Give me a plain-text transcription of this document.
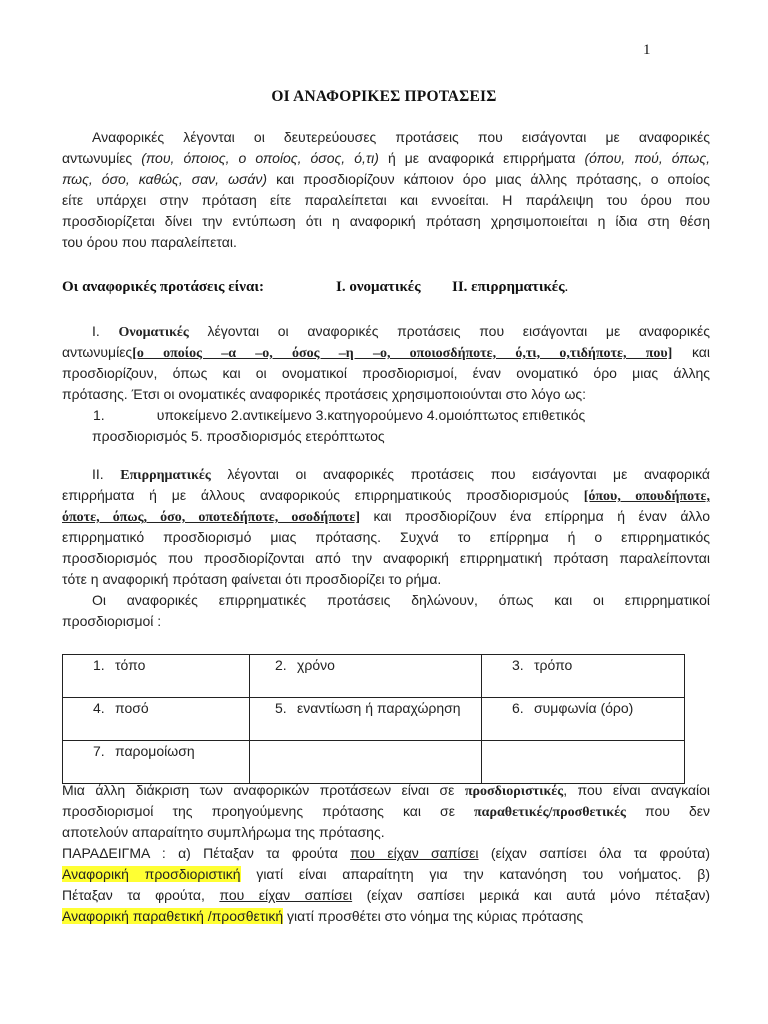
1
ΟΙ ΑΝΑΦΟΡΙΚΕΣ ΠΡΟΤΑΣΕΙΣ
Αναφορικές λέγονται οι δευτερεύουσες προτάσεις που εισάγονται με αναφορικές
αντωνυμίες (που, όποιος, ο οποίος, όσος, ό,τι) ή με αναφορικά επιρρήματα (όπου, πού, όπως,
πως, όσο, καθώς, σαν, ωσάν) και προσδιορίζουν κάποιον όρο μιας άλλης πρότασης, ο οποίος
είτε υπάρχει στην πρόταση είτε παραλείπεται και εννοείται. Η παράλειψη του όρου που
προσδιορίζεται δίνει την εντύπωση ότι η αναφορική πρόταση χρησιμοποιείται η ίδια στη θέση
του όρου που παραλείπεται.
Οι αναφορικές προτάσεις είναι:	Ι. ονοματικές ΙΙ. επιρρηματικές.
Ι. Ονοματικές λέγονται οι αναφορικές προτάσεις που εισάγονται με αναφορικές
αντωνυμίες[ο οποίος –α –ο, όσος –η –ο, οποιοσδήποτε, ό,τι, ο,τιδήποτε, που] και
προσδιορίζουν, όπως και οι ονοματικοί προσδιορισμοί, έναν ονοματικό όρο μιας άλλης
πρότασης. Έτσι οι ονοματικές αναφορικές προτάσεις χρησιμοποιούνται στο λόγο ως:
1.	υποκείμενο 2.αντικείμενο 3.κατηγορούμενο 4.ομοιόπτωτος επιθετικός
προσδιορισμός 5. προσδιορισμός ετερόπτωτος
ΙΙ. Επιρρηματικές λέγονται οι αναφορικές προτάσεις που εισάγονται με αναφορικά
επιρρήματα ή με άλλους αναφορικούς επιρρηματικούς προσδιορισμούς [όπου, οπουδήποτε,
όποτε, όπως, όσο, οποτεδήποτε, οσοδήποτε] και προσδιορίζουν ένα επίρρημα ή έναν άλλο
επιρρηματικό προσδιορισμό μιας πρότασης. Συχνά το επίρρημα ή ο επιρρηματικός
προσδιορισμός που προσδιορίζονται από την αναφορική επιρρηματική πρόταση παραλείπονται
τότε η αναφορική πρόταση φαίνεται ότι προσδιορίζει το ρήμα.
Οι αναφορικές επιρρηματικές προτάσεις δηλώνουν, όπως και οι επιρρηματικοί
προσδιορισμοί :
1. τόπο	2. χρόνο	3. τρόπο
4. ποσό	5. εναντίωση ή παραχώρηση	6. συμφωνία (όρο)
7. παρομοίωση		
Μια άλλη διάκριση των αναφορικών προτάσεων είναι σε προσδιοριστικές, που είναι αναγκαίοι
προσδιορισμοί της προηγούμενης πρότασης και σε παραθετικές/προσθετικές που δεν
αποτελούν απαραίτητο συμπλήρωμα της πρότασης.
ΠΑΡΑΔΕΙΓΜΑ : α) Πέταξαν τα φρούτα που είχαν σαπίσει (είχαν σαπίσει όλα τα φρούτα)
Αναφορική προσδιοριστική γιατί είναι απαραίτητη για την κατανόηση του νοήματος. β)
Πέταξαν τα φρούτα, που είχαν σαπίσει (είχαν σαπίσει μερικά και αυτά μόνο πέταξαν)
Αναφορική παραθετική /προσθετική γιατί προσθέτει στο νόημα της κύριας πρότασης
